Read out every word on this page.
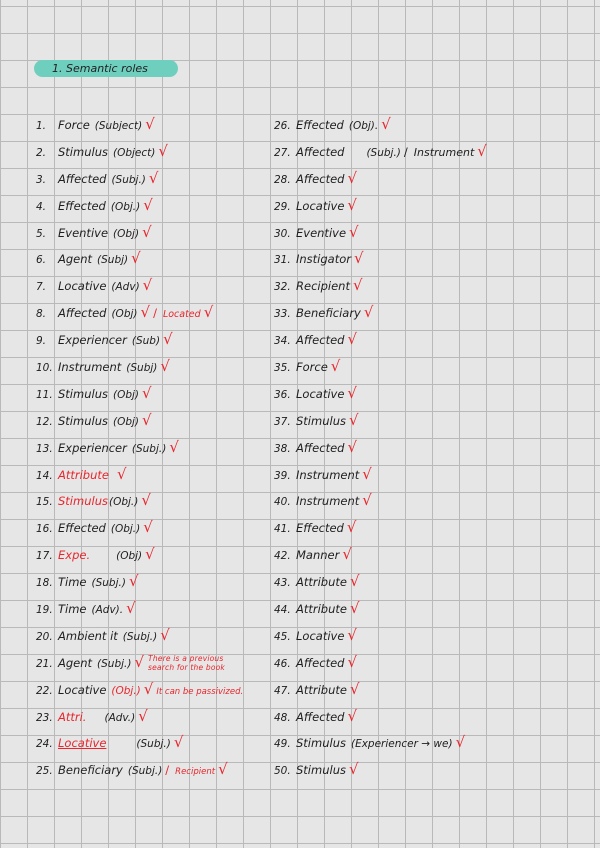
1. Semantic roles
1. Force (Subject) √
2. Stimulus (Object) √
3. Affected (Subj.) √
4. Effected (Obj.) √
5. Eventive (Obj) √
6. Agent (Subj) √
7. Locative (Adv) √
8. Affected (Obj) √ / Located √
9. Experiencer (Sub) √
10. Instrument (Subj) √
11. Stimulus (Obj) √
12. Stimulus (Obj) √
13. Experiencer (Subj.) √
14. Attribute √
15. Stimulus(Obj.) √
16. Effected (Obj.) √
17. Expe. (Obj) √
18. Time (Subj.) √
19. Time (Adv). √
20. Ambient it (Subj.) √
21. Agent (Subj.) √ There is a previous search for the book
22. Locative (Obj.) √ It can be passivized.
23. Attri. (Adv.) √
24. Locative	(Subj.) √
25. Beneficiary (Subj.) / Recipient √
26. Effected (Obj). √
27. Affected (Subj.) / Instrument √
28. Affected √
29. Locative √
30. Eventive √
31. Instigator √
32. Recipient √
33. Beneficiary √
34. Affected √
35. Force √
36. Locative √
37. Stimulus √
38. Affected √
39. Instrument √
40. Instrument √
41. Effected √
42. Manner √
43. Attribute √
44. Attribute √
45. Locative √
46. Affected √
47. Attribute √
48. Affected √
49. Stimulus (Experiencer → we) √
50. Stimulus √
